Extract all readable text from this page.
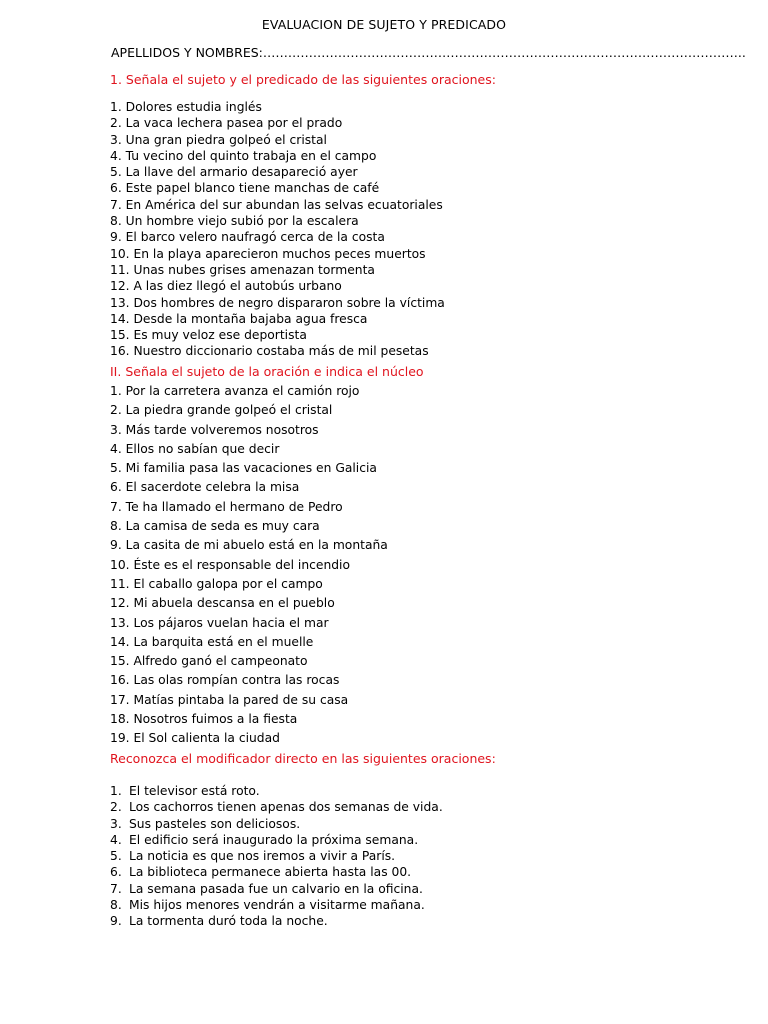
EVALUACION DE SUJETO Y PREDICADO
APELLIDOS Y NOMBRES:……………………………………………………………………………………………………..
1. Señala el sujeto y el predicado de las siguientes oraciones:
1. Dolores estudia inglés
2. La vaca lechera pasea por el prado
3. Una gran piedra golpeó el cristal
4. Tu vecino del quinto trabaja en el campo
5. La llave del armario desapareció ayer
6. Este papel blanco tiene manchas de café
7. En América del sur abundan las selvas ecuatoriales
8. Un hombre viejo subió por la escalera
9. El barco velero naufragó cerca de la costa
10. En la playa aparecieron muchos peces muertos
11. Unas nubes grises amenazan tormenta
12. A las diez llegó el autobús urbano
13. Dos hombres de negro dispararon sobre la víctima
14. Desde la montaña bajaba agua fresca
15. Es muy veloz ese deportista
16. Nuestro diccionario costaba más de mil pesetas
II. Señala el sujeto de la oración e indica el núcleo
1. Por la carretera avanza el camión rojo
2. La piedra grande golpeó el cristal
3. Más tarde volveremos nosotros
4. Ellos no sabían que decir
5. Mi familia pasa las vacaciones en Galicia
6. El sacerdote celebra la misa
7. Te ha llamado el hermano de Pedro
8. La camisa de seda es muy cara
9. La casita de mi abuelo está en la montaña
10. Éste es el responsable del incendio
11. El caballo galopa por el campo
12. Mi abuela descansa en el pueblo
13. Los pájaros vuelan hacia el mar
14. La barquita está en el muelle
15. Alfredo ganó el campeonato
16. Las olas rompían contra las rocas
17. Matías pintaba la pared de su casa
18. Nosotros fuimos a la fiesta
19. El Sol calienta la ciudad
Reconozca el modificador directo en las siguientes oraciones:
1. El televisor está roto.
2. Los cachorros tienen apenas dos semanas de vida.
3. Sus pasteles son deliciosos.
4. El edificio será inaugurado la próxima semana.
5. La noticia es que nos iremos a vivir a París.
6. La biblioteca permanece abierta hasta las 00.
7. La semana pasada fue un calvario en la oficina.
8. Mis hijos menores vendrán a visitarme mañana.
9. La tormenta duró toda la noche.
